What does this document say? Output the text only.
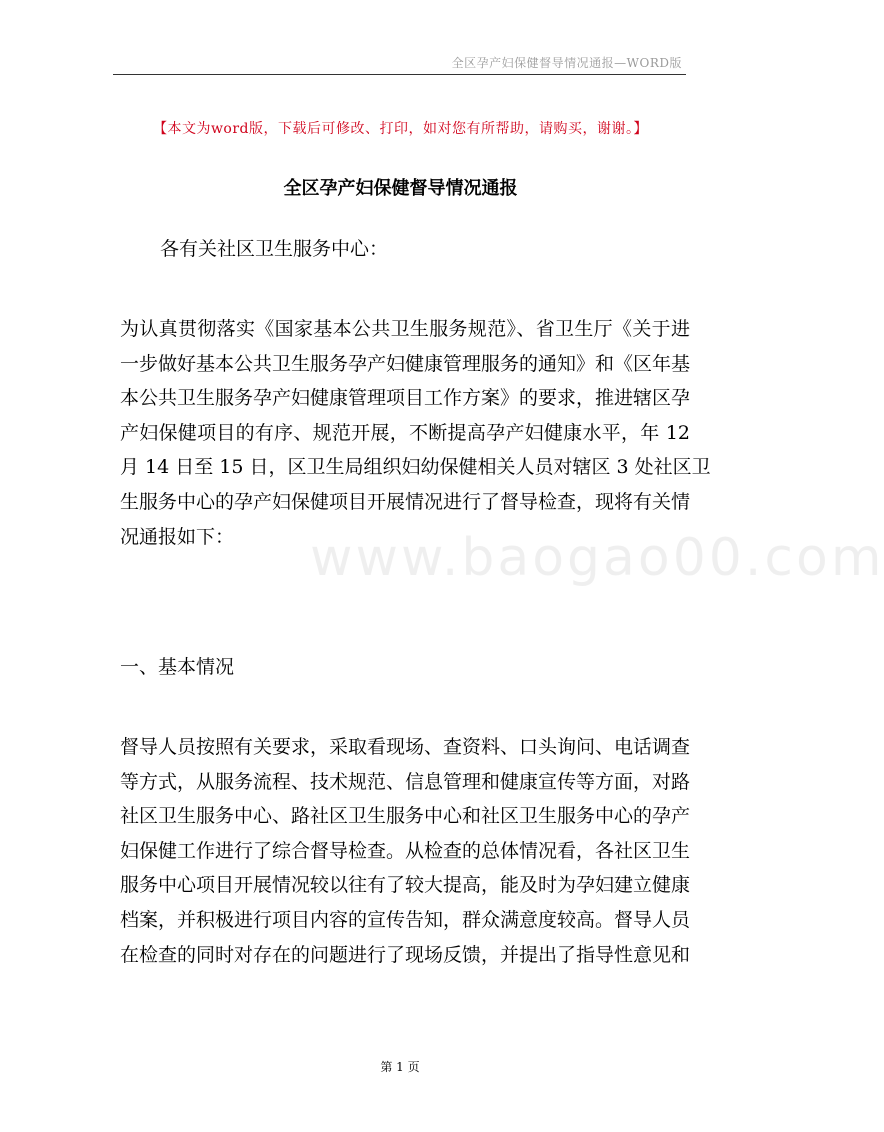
全区孕产妇保健督导情况通报—WORD版
【本文为word版，下载后可修改、打印，如对您有所帮助，请购买，谢谢。】
全区孕产妇保健督导情况通报
各有关社区卫生服务中心：
为认真贯彻落实《国家基本公共卫生服务规范》、省卫生厅《关于进
一步做好基本公共卫生服务孕产妇健康管理服务的通知》和《区年基
本公共卫生服务孕产妇健康管理项目工作方案》的要求，推进辖区孕
产妇保健项目的有序、规范开展，不断提高孕产妇健康水平，年 12
月 14 日至 15 日，区卫生局组织妇幼保健相关人员对辖区 3 处社区卫
生服务中心的孕产妇保健项目开展情况进行了督导检查，现将有关情
况通报如下：
一、基本情况
督导人员按照有关要求，采取看现场、查资料、口头询问、电话调查
等方式，从服务流程、技术规范、信息管理和健康宣传等方面，对路
社区卫生服务中心、路社区卫生服务中心和社区卫生服务中心的孕产
妇保健工作进行了综合督导检查。从检查的总体情况看，各社区卫生
服务中心项目开展情况较以往有了较大提高，能及时为孕妇建立健康
档案，并积极进行项目内容的宣传告知，群众满意度较高。督导人员
在检查的同时对存在的问题进行了现场反馈，并提出了指导性意见和
www.baogao00.com
第 1 页
